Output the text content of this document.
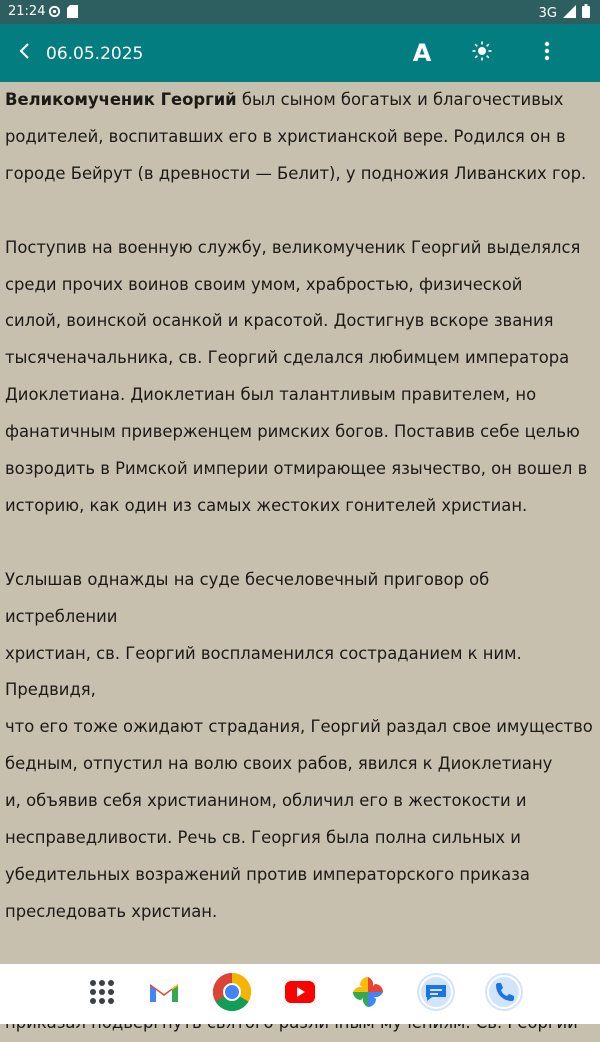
21:24	3G
06.05.2025	A

Великомученик Георгий был сыном богатых и благочестивых

родителей, воспитавших его в христианской вере. Родился он в

городе Бейрут (в древности — Белит), у подножия Ливанских гор.

Поступив на военную службу, великомученик Георгий выделялся

среди прочих воинов своим умом, храбростью, физической

силой, воинской осанкой и красотой. Достигнув вскоре звания

тысяченачальника, св. Георгий сделался любимцем императора

Диоклетиана. Диоклетиан был талантливым правителем, но

фанатичным приверженцем римских богов. Поставив себе целью

возродить в Римской империи отмирающее язычество, он вошел в

историю, как один из самых жестоких гонителей христиан.

Услышав однажды на суде бесчеловечный приговор об истреблении

христиан, св. Георгий воспламенился состраданием к ним. Предвидя,

что его тоже ожидают страдания, Георгий раздал свое имущество

бедным, отпустил на волю своих рабов, явился к Диоклетиану

и, объявив себя христианином, обличил его в жестокости и

несправедливости. Речь св. Георгия была полна сильных и

убедительных возражений против императорского приказа

преследовать христиан.
